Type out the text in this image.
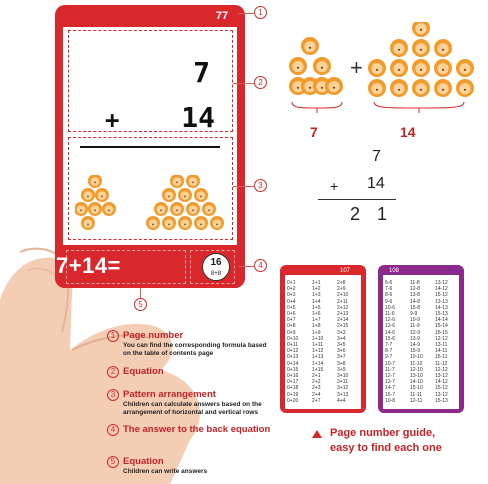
77
7
+	14
7+14=	16
8+8
1
2
3
4
5
+
7	14
7
+ 14
2 1
107	108
0+1	1+1	2+8
0+2	1+2	2+9
0+3	1+3	2+10
0+4	1+4	2+11
0+5	1+5	2+12
0+6	1+6	2+13
0+7	1+7	2+14
0+8	1+8	2+15
0+9	1+9	3+3
0+10	1+10	3+4
0+11	1+11	3+5
0+12	1+12	3+6
0+13	1+13	3+7
0+14	1+14	3+8
0+15	1+15	3+9
0+16	2+1	3+10
0+17	2+2	3+11
0+18	2+3	3+12
0+19	2+4	3+13
0+20	2+7	4+4
6-6	11-8	13-12
7-6	12-8	14-12
8-6	13-8	15-12
9-6	14-8	13-13
10-6	15-8	14-13
11-6	9-9	15-13
12-6	10-9	14-14
13-6	11-9	15-14
14-6	12-9	15-15
15-6	13-9	12-12
7-7	14-9	13-11
8-7	15-9	14-11
9-7	10-10	15-11
10-7	11-10	11-12
11-7	12-10	12-12
12-7	13-10	13-12
13-7	14-10	14-12
14-7	15-10	15-12
15-7	11-11	13-12
10-8	12-11	15-13
1 Page number
You can find the corresponding formula based on the table of contents page
2 Equation
3 Pattern arrangement
Children can calculate answers based on the arrangement of horizontal and vertical rows
4 The answer to the back equation
5 Equation
Children can write answers
Page number guide,
easy to find each one
